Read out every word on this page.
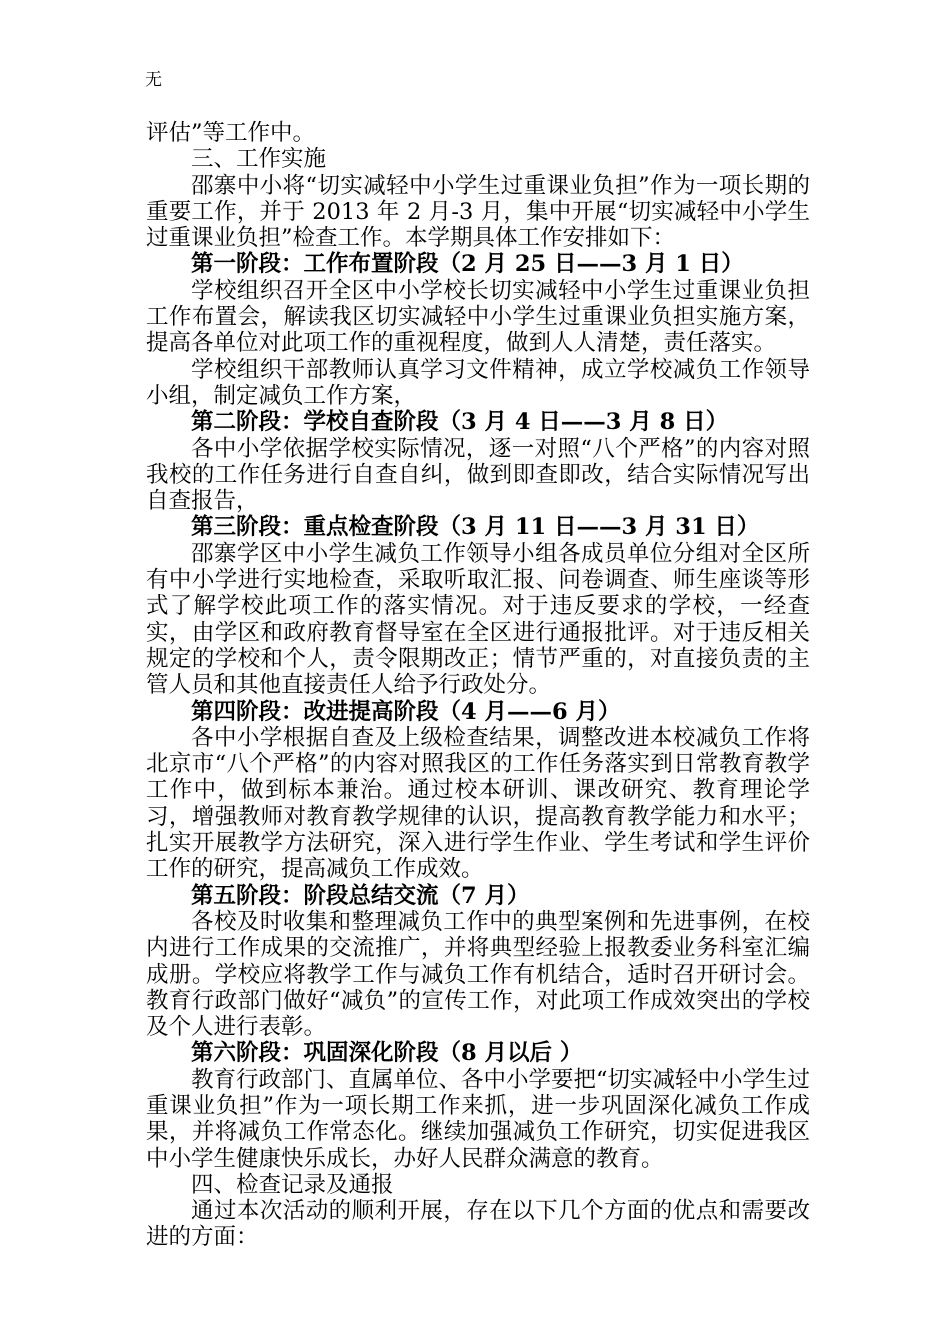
无

评估”等工作中。

三、工作实施

邵寨中小将“切实减轻中小学生过重课业负担”作为一项长期的重要工作，并于 2013 年 2 月-3 月，集中开展“切实减轻中小学生过重课业负担”检查工作。本学期具体工作安排如下：

第一阶段：工作布置阶段（2 月 25 日——3 月 1 日）

学校组织召开全区中小学校长切实减轻中小学生过重课业负担工作布置会，解读我区切实减轻中小学生过重课业负担实施方案，提高各单位对此项工作的重视程度，做到人人清楚，责任落实。

学校组织干部教师认真学习文件精神，成立学校减负工作领导小组，制定减负工作方案，

第二阶段：学校自查阶段（3 月 4 日——3 月 8 日）

各中小学依据学校实际情况，逐一对照“八个严格”的内容对照我校的工作任务进行自查自纠，做到即查即改，结合实际情况写出自查报告，

第三阶段：重点检查阶段（3 月 11 日——3 月 31 日）

邵寨学区中小学生减负工作领导小组各成员单位分组对全区所有中小学进行实地检查，采取听取汇报、问卷调查、师生座谈等形式了解学校此项工作的落实情况。对于违反要求的学校，一经查实，由学区和政府教育督导室在全区进行通报批评。对于违反相关规定的学校和个人，责令限期改正；情节严重的，对直接负责的主管人员和其他直接责任人给予行政处分。

第四阶段：改进提高阶段（4 月——6 月）

各中小学根据自查及上级检查结果，调整改进本校减负工作将北京市“八个严格”的内容对照我区的工作任务落实到日常教育教学工作中，做到标本兼治。通过校本研训、课改研究、教育理论学习，增强教师对教育教学规律的认识，提高教育教学能力和水平；扎实开展教学方法研究，深入进行学生作业、学生考试和学生评价工作的研究，提高减负工作成效。

第五阶段：阶段总结交流（7 月）

各校及时收集和整理减负工作中的典型案例和先进事例，在校内进行工作成果的交流推广，并将典型经验上报教委业务科室汇编成册。学校应将教学工作与减负工作有机结合，适时召开研讨会。教育行政部门做好“减负”的宣传工作，对此项工作成效突出的学校及个人进行表彰。

第六阶段：巩固深化阶段（8 月以后 ）

教育行政部门、直属单位、各中小学要把“切实减轻中小学生过重课业负担”作为一项长期工作来抓，进一步巩固深化减负工作成果，并将减负工作常态化。继续加强减负工作研究，切实促进我区中小学生健康快乐成长，办好人民群众满意的教育。

四、检查记录及通报

通过本次活动的顺利开展，存在以下几个方面的优点和需要改进的方面：
